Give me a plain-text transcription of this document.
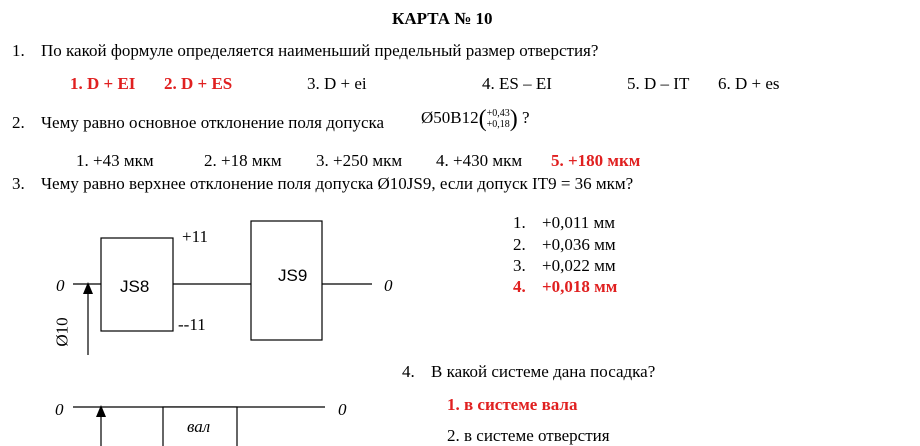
КАРТА № 10
1. По какой формуле определяется наименьший предельный размер отверстия?
1. D + EI 2. D + ES	3. D + ei	4. ES – EI	5. D – IT 6. D + es
2. Чему равно основное отклонение поля допуска Ø50B12(+0,43
+0,18) ?
1. +43 мкм	2. +18 мкм 3. +250 мкм 4. +430 мкм 5. +180 мкм
3. Чему равно верхнее отклонение поля допуска Ø10JS9, если допуск IT9 = 36 мкм?
0	0
JS8
JS9
+11
--11
Ø10
1. +0,011 мм
2. +0,036 мм
3. +0,022 мм
4. +0,018 мм
4. В какой системе дана посадка?
0	0
вал
1. в системе вала
2. в системе отверстия
